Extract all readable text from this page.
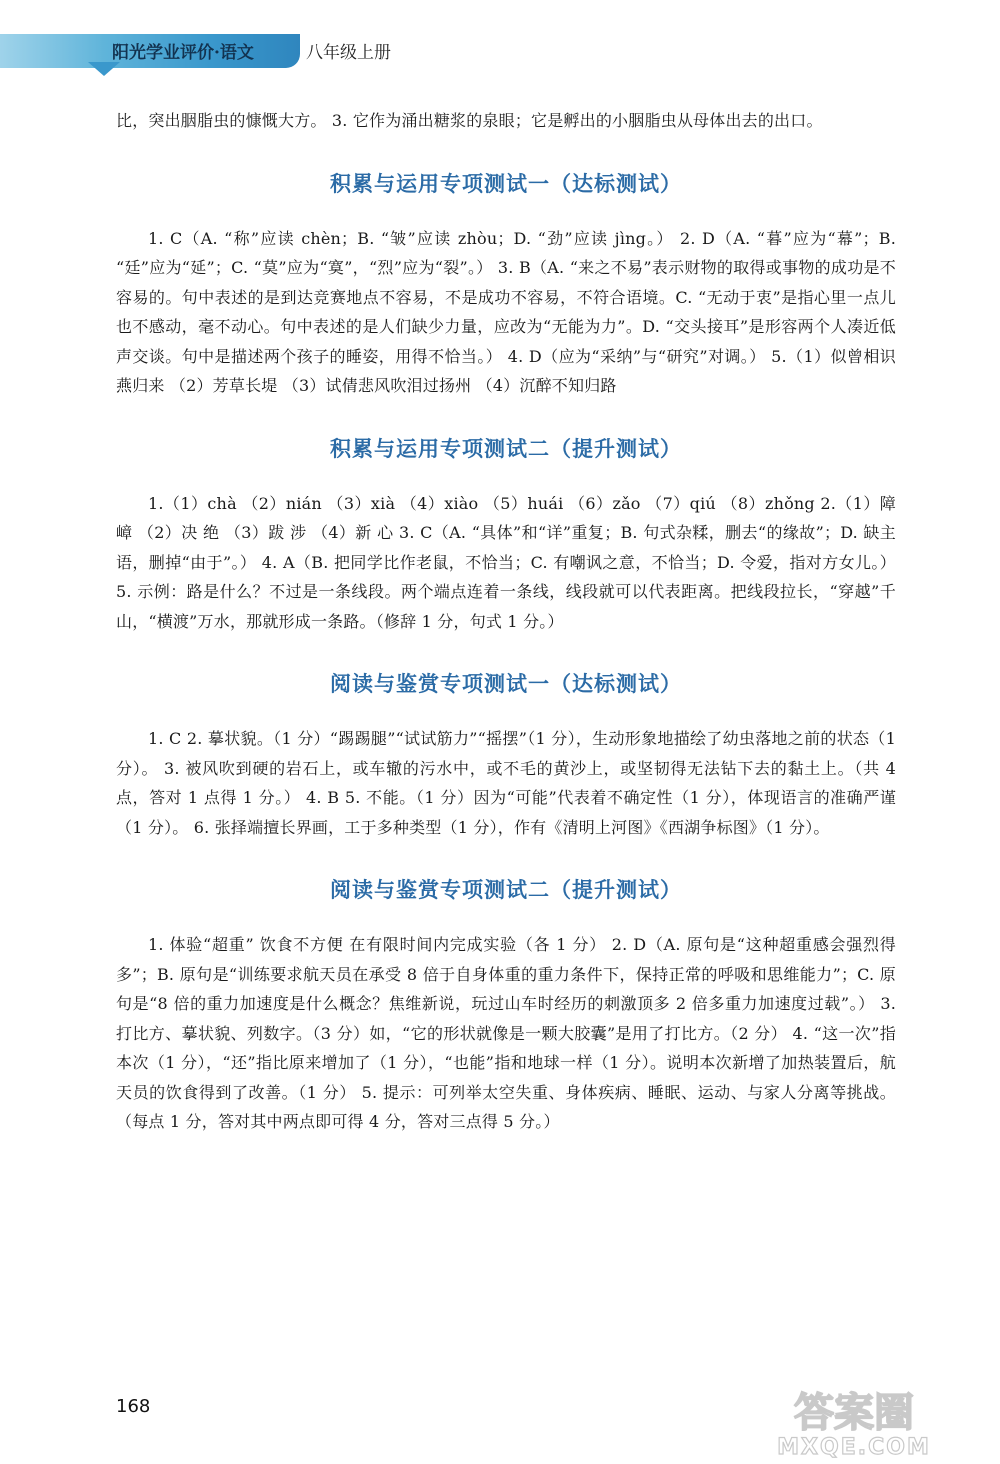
阳光学业评价·语文	八年级上册

比，突出胭脂虫的慷慨大方。 3. 它作为涌出糖浆的泉眼；它是孵出的小胭脂虫从母体出去的出口。

积累与运用专项测试一（达标测试）

1. C（A. “称”应读 chèn；B. “皱”应读 zhòu；D. “劲”应读 jìng。） 2. D（A. “暮”应为“幕”；B. “廷”应为“延”；C. “莫”应为“寞”，“烈”应为“裂”。） 3. B（A. “来之不易”表示财物的取得或事物的成功是不容易的。句中表述的是到达竞赛地点不容易，不是成功不容易，不符合语境。C. “无动于衷”是指心里一点儿也不感动，毫不动心。句中表述的是人们缺少力量，应改为“无能为力”。D. “交头接耳”是形容两个人凑近低声交谈。句中是描述两个孩子的睡姿，用得不恰当。） 4. D（应为“采纳”与“研究”对调。） 5.（1）似曾相识燕归来 （2）芳草长堤 （3）试倩悲风吹泪过扬州 （4）沉醉不知归路

积累与运用专项测试二（提升测试）

1.（1）chà （2）nián （3）xià （4）xiào （5）huái （6）zǎo （7）qiú （8）zhǒng 2.（1）障 嶂 （2）决 绝 （3）跋 涉 （4）新 心 3. C（A. “具体”和“详”重复；B. 句式杂糅，删去“的缘故”；D. 缺主语，删掉“由于”。） 4. A（B. 把同学比作老鼠，不恰当；C. 有嘲讽之意，不恰当；D. 令爱，指对方女儿。） 5. 示例：路是什么？不过是一条线段。两个端点连着一条线，线段就可以代表距离。把线段拉长，“穿越”千山，“横渡”万水，那就形成一条路。（修辞 1 分，句式 1 分。）

阅读与鉴赏专项测试一（达标测试）

1. C 2. 摹状貌。（1 分）“踢踢腿”“试试筋力”“摇摆”（1 分），生动形象地描绘了幼虫落地之前的状态（1 分）。 3. 被风吹到硬的岩石上，或车辙的污水中，或不毛的黄沙上，或坚韧得无法钻下去的黏土上。（共 4 点，答对 1 点得 1 分。） 4. B 5. 不能。（1 分）因为“可能”代表着不确定性（1 分），体现语言的准确严谨（1 分）。 6. 张择端擅长界画，工于多种类型（1 分），作有《清明上河图》《西湖争标图》（1 分）。

阅读与鉴赏专项测试二（提升测试）

1. 体验“超重” 饮食不方便 在有限时间内完成实验（各 1 分） 2. D（A. 原句是“这种超重感会强烈得多”；B. 原句是“训练要求航天员在承受 8 倍于自身体重的重力条件下，保持正常的呼吸和思维能力”；C. 原句是“8 倍的重力加速度是什么概念？焦维新说，玩过山车时经历的刺激顶多 2 倍多重力加速度过载”。） 3. 打比方、摹状貌、列数字。（3 分）如，“它的形状就像是一颗大胶囊”是用了打比方。（2 分） 4. “这一次”指本次（1 分），“还”指比原来增加了（1 分），“也能”指和地球一样（1 分）。说明本次新增了加热装置后，航天员的饮食得到了改善。（1 分） 5. 提示：可列举太空失重、身体疾病、睡眠、运动、与家人分离等挑战。（每点 1 分，答对其中两点即可得 4 分，答对三点得 5 分。）

168	答案圈
MXQE.COM
